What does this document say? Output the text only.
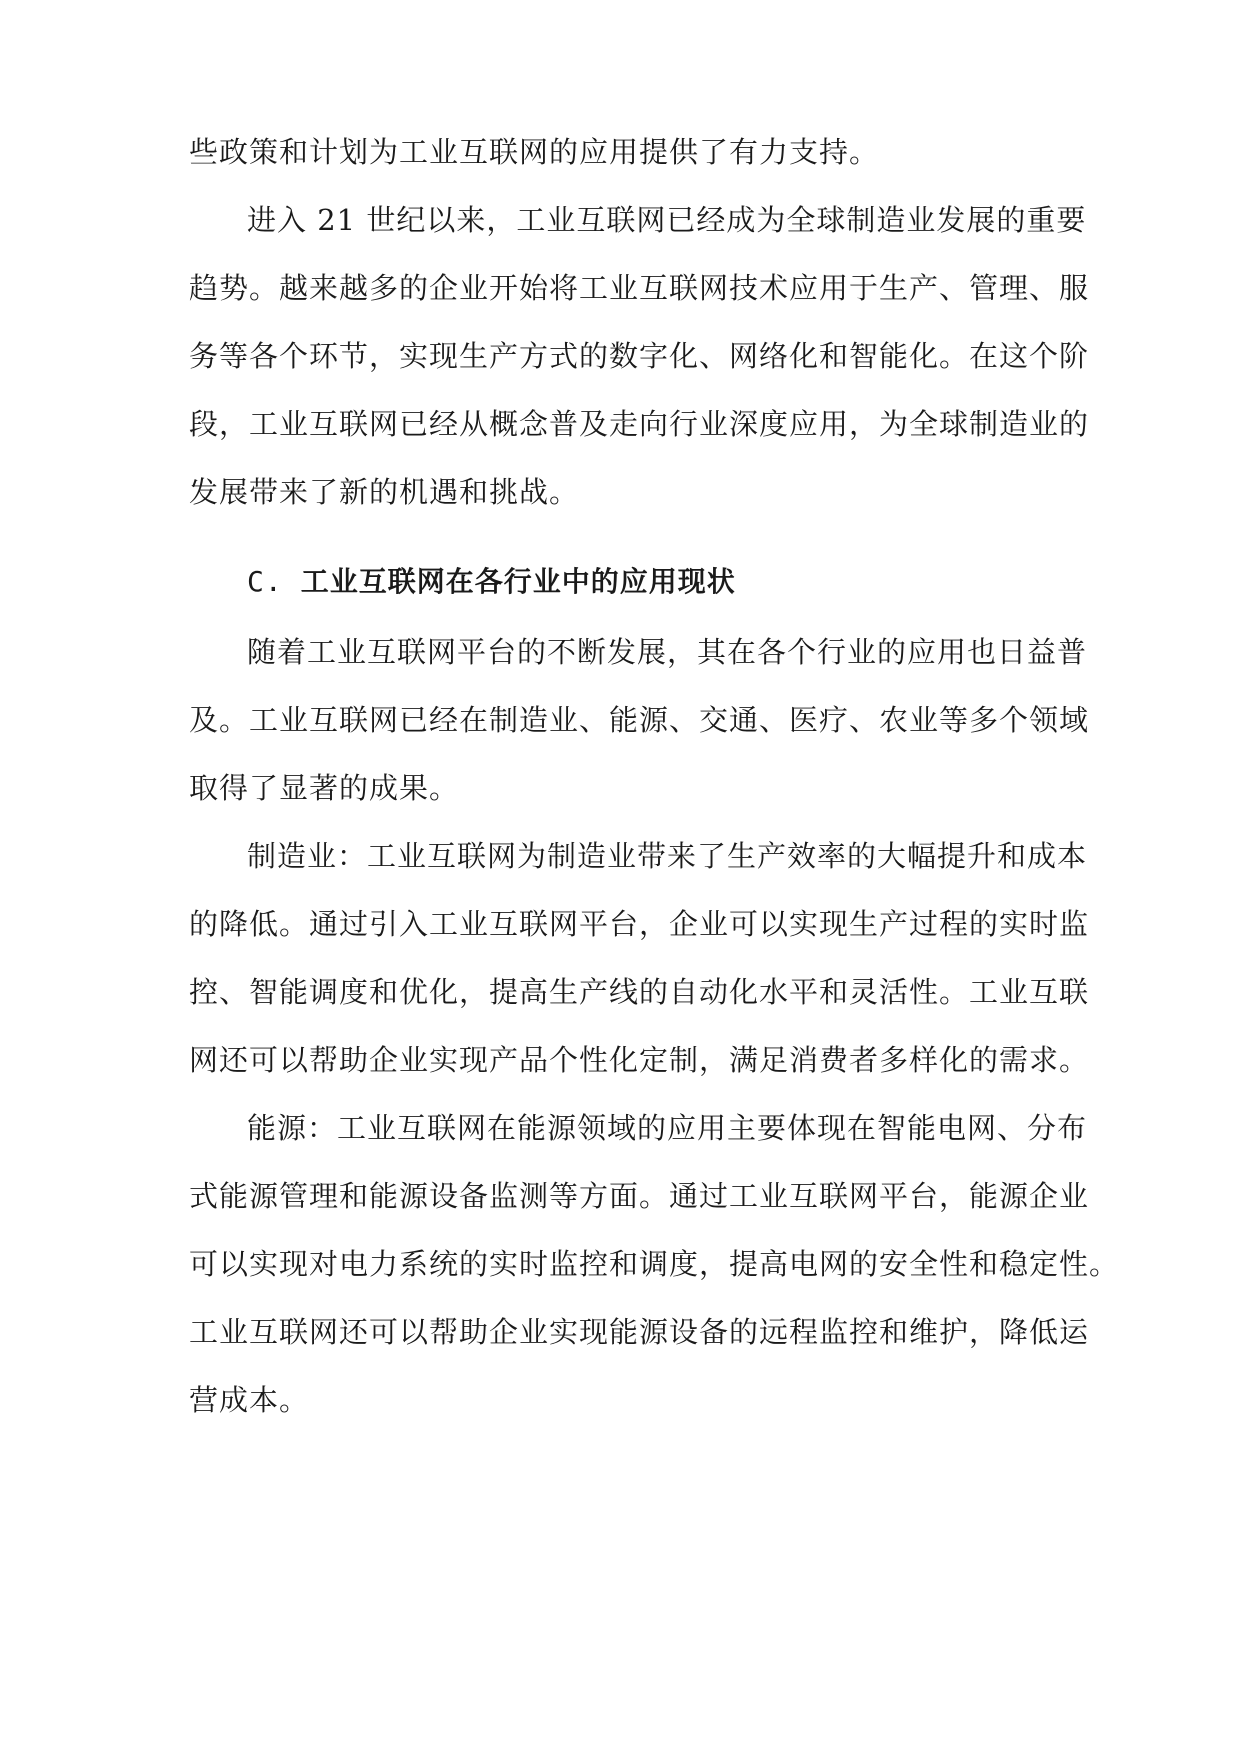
些政策和计划为工业互联网的应用提供了有力支持。
进入 21 世纪以来，工业互联网已经成为全球制造业发展的重要
趋势。越来越多的企业开始将工业互联网技术应用于生产、管理、服
务等各个环节，实现生产方式的数字化、网络化和智能化。在这个阶
段，工业互联网已经从概念普及走向行业深度应用，为全球制造业的
发展带来了新的机遇和挑战。
C. 工业互联网在各行业中的应用现状
随着工业互联网平台的不断发展，其在各个行业的应用也日益普
及。工业互联网已经在制造业、能源、交通、医疗、农业等多个领域
取得了显著的成果。
制造业：工业互联网为制造业带来了生产效率的大幅提升和成本
的降低。通过引入工业互联网平台，企业可以实现生产过程的实时监
控、智能调度和优化，提高生产线的自动化水平和灵活性。工业互联
网还可以帮助企业实现产品个性化定制，满足消费者多样化的需求。
能源：工业互联网在能源领域的应用主要体现在智能电网、分布
式能源管理和能源设备监测等方面。通过工业互联网平台，能源企业
可以实现对电力系统的实时监控和调度，提高电网的安全性和稳定性。
工业互联网还可以帮助企业实现能源设备的远程监控和维护，降低运
营成本。
